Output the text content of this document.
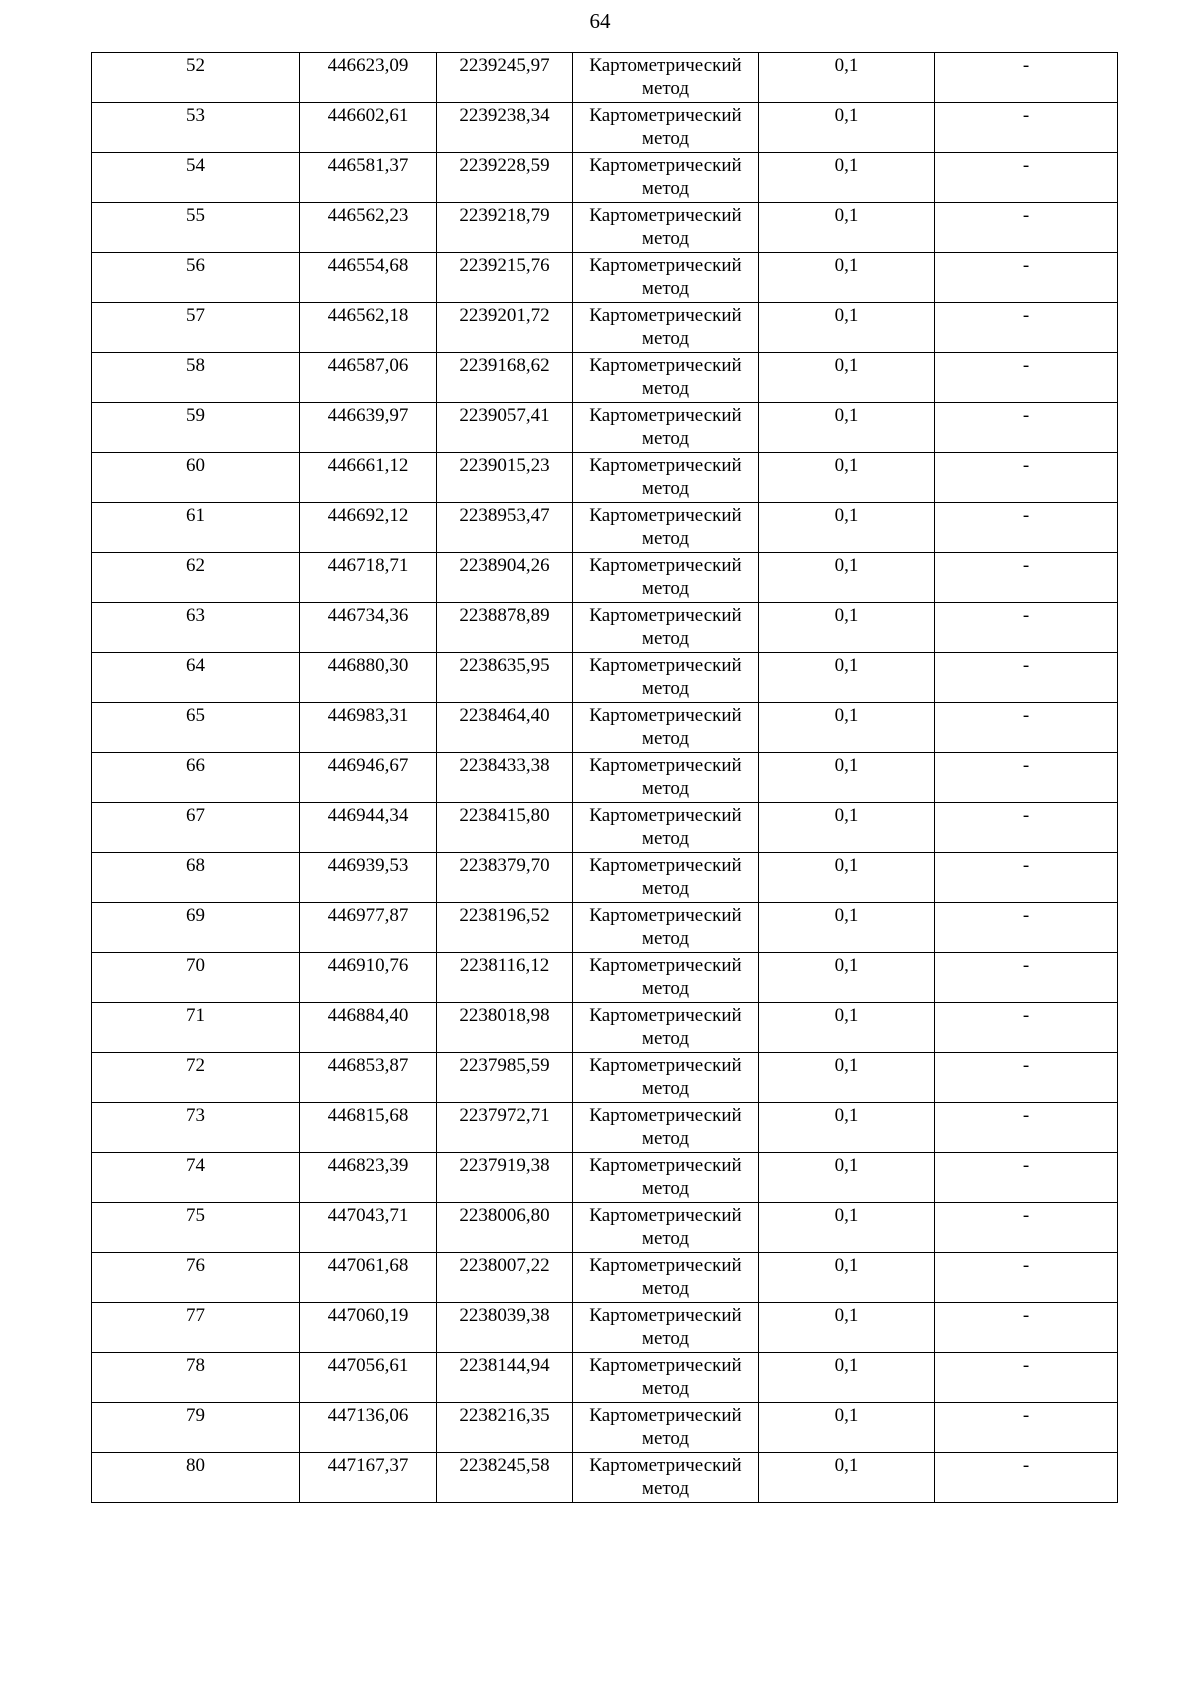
64
52	446623,09	2239245,97	Картометрический метод	0,1	-
53	446602,61	2239238,34	Картометрический метод	0,1	-
54	446581,37	2239228,59	Картометрический метод	0,1	-
55	446562,23	2239218,79	Картометрический метод	0,1	-
56	446554,68	2239215,76	Картометрический метод	0,1	-
57	446562,18	2239201,72	Картометрический метод	0,1	-
58	446587,06	2239168,62	Картометрический метод	0,1	-
59	446639,97	2239057,41	Картометрический метод	0,1	-
60	446661,12	2239015,23	Картометрический метод	0,1	-
61	446692,12	2238953,47	Картометрический метод	0,1	-
62	446718,71	2238904,26	Картометрический метод	0,1	-
63	446734,36	2238878,89	Картометрический метод	0,1	-
64	446880,30	2238635,95	Картометрический метод	0,1	-
65	446983,31	2238464,40	Картометрический метод	0,1	-
66	446946,67	2238433,38	Картометрический метод	0,1	-
67	446944,34	2238415,80	Картометрический метод	0,1	-
68	446939,53	2238379,70	Картометрический метод	0,1	-
69	446977,87	2238196,52	Картометрический метод	0,1	-
70	446910,76	2238116,12	Картометрический метод	0,1	-
71	446884,40	2238018,98	Картометрический метод	0,1	-
72	446853,87	2237985,59	Картометрический метод	0,1	-
73	446815,68	2237972,71	Картометрический метод	0,1	-
74	446823,39	2237919,38	Картометрический метод	0,1	-
75	447043,71	2238006,80	Картометрический метод	0,1	-
76	447061,68	2238007,22	Картометрический метод	0,1	-
77	447060,19	2238039,38	Картометрический метод	0,1	-
78	447056,61	2238144,94	Картометрический метод	0,1	-
79	447136,06	2238216,35	Картометрический метод	0,1	-
80	447167,37	2238245,58	Картометрический метод	0,1	-
